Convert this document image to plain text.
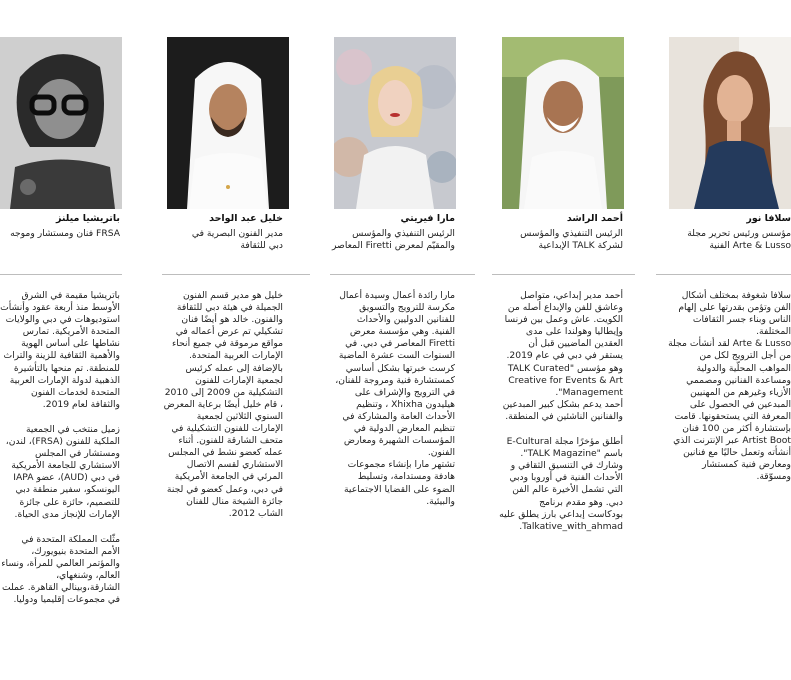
سلافا نور
مؤسس ورئيس تحرير مجلة
Arte & Lusso الفنية

سلافا شغوفة بمختلف أشكال
الفن وتؤمن بقدرتها على إلهام
الناس وبناء جسر الثقافات
المختلفة.
Arte & Lusso لقد أنشأت مجلة
من أجل الترويج لكل من
المواهب المحلّية والدولية
ومساعدة الفنانين ومصممي
الأزياء وغيرهم من المهنيين
المبدعين في الحصول على
المعرفة التي يستحقونها. قامت
بإستشارة أكثر من 100 فنان
Artist Boot عبر الإنترنت الذي
أنشأته وتعمل حاليًا مع فنانين
ومعارض فنية كمستشار
ومسوّقة.

أحمد الراشد
الرئيس التنفيذي والمؤسس
لشركة TALK الإبداعية

أحمد مدير إبداعي، متواصل
وعاشق للفن والإبداع أصله من
الكويت. عاش وعمل بين فرنسا
وإيطاليا وهولندا على مدى
العقدين الماضيين قبل أن
يستقر في دبي في عام 2019.
وهو مؤسس "TALK Curated
Creative for Events & Art
Management".
أحمد يدعم بشكل كبير المبدعين
والفنانين الناشئين في المنطقة.

أطلق مؤخرًا مجلة E-Cultural
باسم "TALK Magazine".
وشارك في التنسيق الثقافي و
الأحداث الفنية في أوروبا ودبي
التي تشمل الأخيرة عالم الفن
دبي. وهو مقدم برنامج
بودكاست إبداعي بارز يطلق عليه
Talkative_with_ahmad.

مارا فيريتي
الرئيس التنفيذي والمؤسس
والمقيّم لمعرض Firetti المعاصر

مارا رائدة أعمال وسيدة أعمال
مكرسة للترويج والتسويق
للفنانين الدوليين والأحداث
الفنية. وهي مؤسسة معرض
Firetti المعاصر في دبي. في
السنوات الست عشرة الماضية
كرست خبرتها بشكل أساسي
كمستشارة فنية ومروجة للفنان،
في الترويج والإشراف على
هيليدون Xhixha ، وتنظيم
الأحداث العامة والمشاركة في
تنظيم المعارض الدولية في
المؤسسات الشهيرة ومعارض
الفنون.
تشتهر مارا بإنشاء مجموعات
هادفة ومستدامة، وتسليط
الضوء على القضايا الاجتماعية
والبيئية.

خليل عبد الواحد
مدير الفنون البصرية في
دبي للثقافة

خليل هو مدير قسم الفنون
الجميلة في هيئة دبي للثقافة
والفنون. خالد هو أيضًا فنان
تشكيلي تم عرض أعماله في
مواقع مرموقة في جميع أنحاء
الإمارات العربية المتحدة.
بالإضافة إلى عمله كرئيس
لجمعية الإمارات للفنون
التشكيلية من 2009 إلى 2010
، قام خليل أيضًا برعاية المعرض
السنوي الثلاثين لجمعية
الإمارات للفنون التشكيلية في
متحف الشارقة للفنون. أثناء
عمله كعضو نشط في المجلس
الاستشاري لقسم الاتصال
المرئي في الجامعة الأمريكية
في دبي، وعمل كعضو في لجنة
جائزة الشيخة منال للفنان
الشاب 2012.

باتريشيا ميلنز
FRSA فنان ومستشار وموجه

باتريشيا مقيمة في الشرق
الأوسط منذ أربعة عقود وأنشأت
استوديوهات في دبي والولايات
المتحدة الأمريكية. تمارس
نشاطها على أساس الهوية
والأهمية الثقافية للزينة والتراث
للمنطقة. تم منحها بالتأشيرة
الذهبية لدولة الإمارات العربية
المتحدة لخدمات الفنون
والثقافة لعام 2019.

زميل منتخب في الجمعية
الملكية للفنون (FRSA)، لندن،
ومستشار في المجلس
الاستشاري للجامعة الأمريكية
في دبي (AUD)، عضو IAPA
اليونسكو، سفير منطقة دبي
للتصميم، حائزة على جائزة
الإمارات للإنجاز مدى الحياة.

مثّلت المملكة المتحدة في
الأمم المتحدة بنيويورك،
والمؤتمر العالمي للمرأة، ونساء
العالم، وشنغهاي،
الشارقة،وبينالي القاهرة. عملت
في مجموعات إقليميا ودوليا.
